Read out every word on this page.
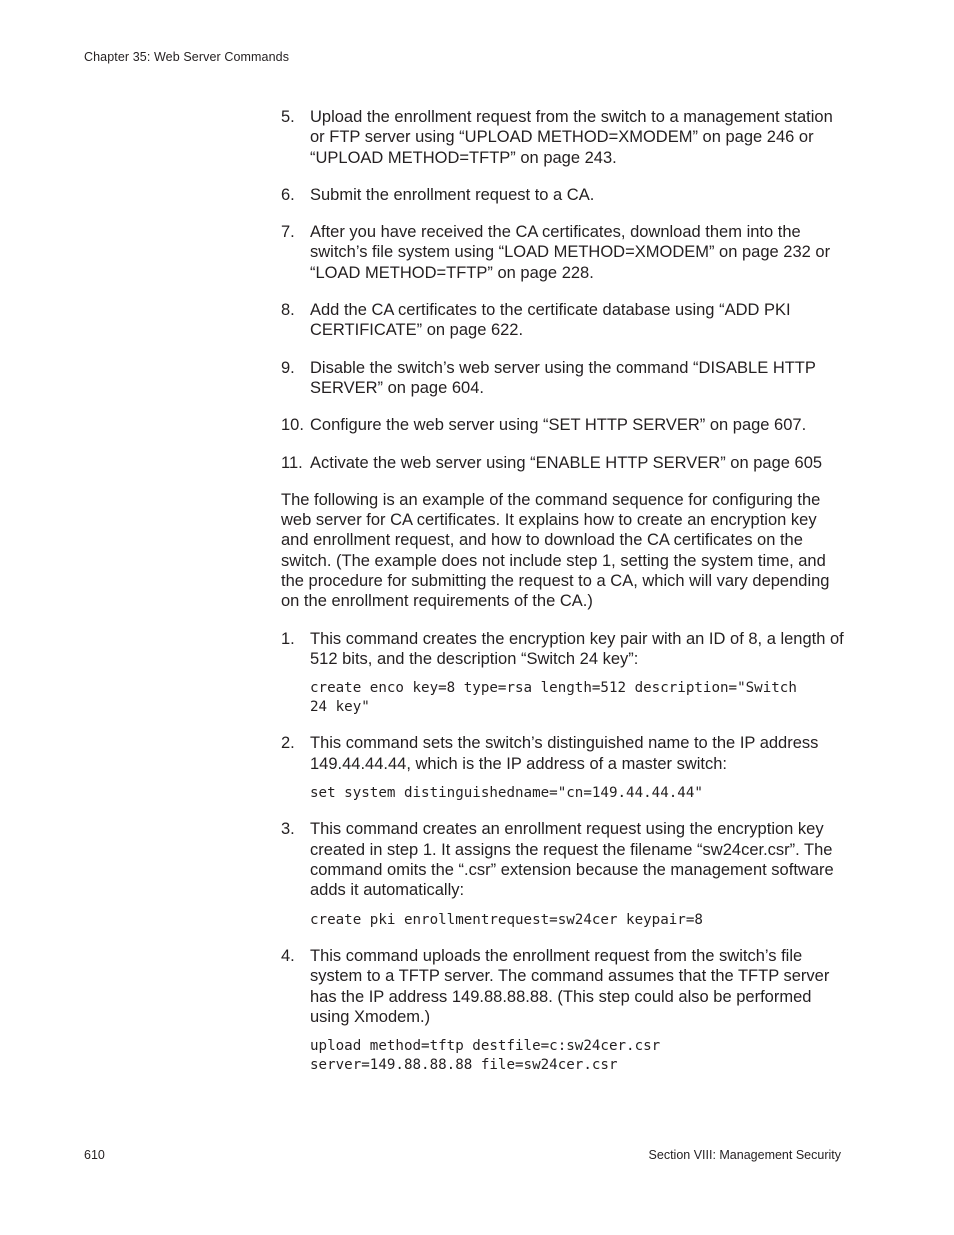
Chapter 35: Web Server Commands
5. Upload the enrollment request from the switch to a management station or FTP server using “UPLOAD METHOD=XMODEM” on page 246 or “UPLOAD METHOD=TFTP” on page 243.
6. Submit the enrollment request to a CA.
7. After you have received the CA certificates, download them into the switch’s file system using “LOAD METHOD=XMODEM” on page 232 or “LOAD METHOD=TFTP” on page 228.
8. Add the CA certificates to the certificate database using “ADD PKI CERTIFICATE” on page 622.
9. Disable the switch’s web server using the command “DISABLE HTTP SERVER” on page 604.
10. Configure the web server using “SET HTTP SERVER” on page 607.
11. Activate the web server using “ENABLE HTTP SERVER” on page 605

The following is an example of the command sequence for configuring the web server for CA certificates. It explains how to create an encryption key and enrollment request, and how to download the CA certificates on the switch. (The example does not include step 1, setting the system time, and the procedure for submitting the request to a CA, which will vary depending on the enrollment requirements of the CA.)

1. This command creates the encryption key pair with an ID of 8, a length of 512 bits, and the description “Switch 24 key”:
create enco key=8 type=rsa length=512 description="Switch
24 key"
2. This command sets the switch’s distinguished name to the IP address 149.44.44.44, which is the IP address of a master switch:
set system distinguishedname="cn=149.44.44.44"
3. This command creates an enrollment request using the encryption key created in step 1. It assigns the request the filename “sw24cer.csr”. The command omits the “.csr” extension because the management software adds it automatically:
create pki enrollmentrequest=sw24cer keypair=8
4. This command uploads the enrollment request from the switch’s file system to a TFTP server. The command assumes that the TFTP server has the IP address 149.88.88.88. (This step could also be performed using Xmodem.)
upload method=tftp destfile=c:sw24cer.csr
server=149.88.88.88 file=sw24cer.csr
610	Section VIII: Management Security
